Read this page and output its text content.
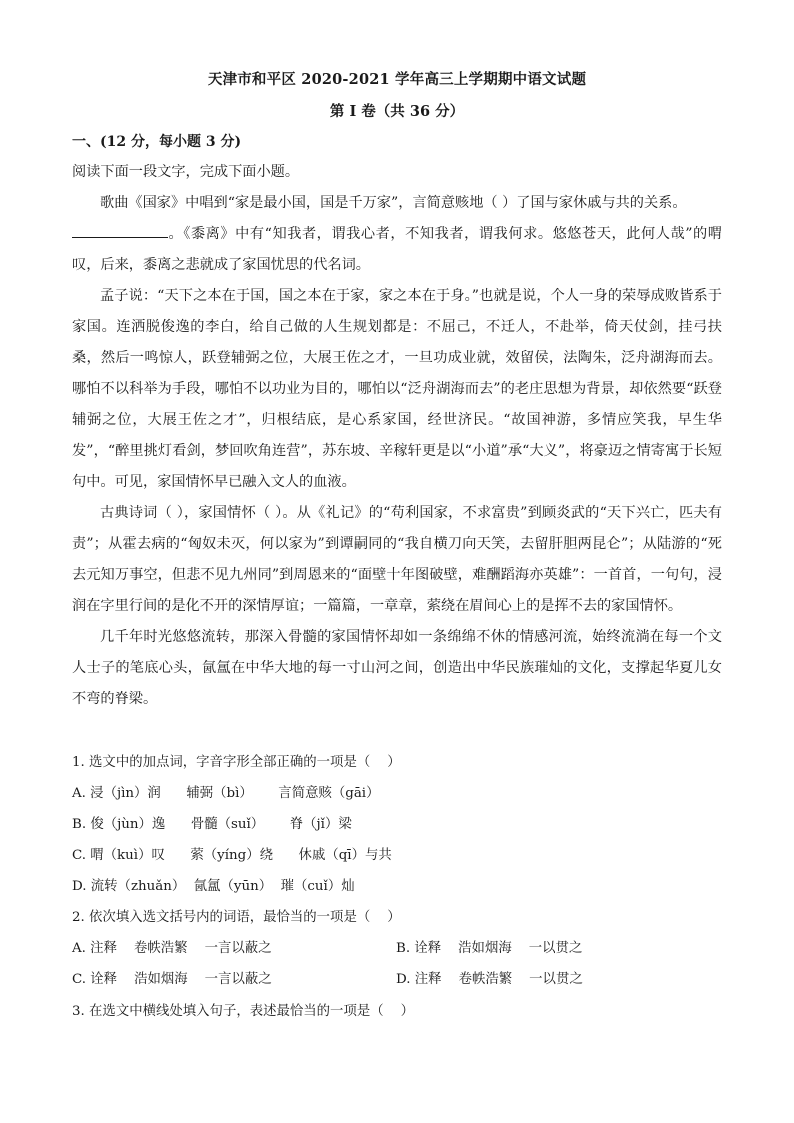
天津市和平区 2020-2021 学年高三上学期期中语文试题
第 I 卷（共 36 分）
一、(12 分，每小题 3 分)

阅读下面一段文字，完成下面小题。

歌曲《国家》中唱到“家是最小国，国是千万家”，言简意赅地（ ）了国与家休戚与共的关系。

。《黍离》中有“知我者，谓我心者，不知我者，谓我何求。悠悠苍天，此何人哉”的喟叹，后来，黍离之悲就成了家国忧思的代名词。

孟子说：“天下之本在于国，国之本在于家，家之本在于身。”也就是说，个人一身的荣辱成败皆系于家国。连洒脱俊逸的李白，给自己做的人生规划都是：不屈己，不迁人，不赴举，倚天仗剑，挂弓扶桑，然后一鸣惊人，跃登辅弼之位，大展王佐之才，一旦功成业就，效留侯，法陶朱，泛舟湖海而去。哪怕不以科举为手段，哪怕不以功业为目的，哪怕以“泛舟湖海而去”的老庄思想为背景，却依然要“跃登辅弼之位，大展王佐之才”，归根结底，是心系家国，经世济民。“故国神游，多情应笑我，早生华发”，“醉里挑灯看剑，梦回吹角连营”，苏东坡、辛稼轩更是以“小道”承“大义”，将豪迈之情寄寓于长短句中。可见，家国情怀早已融入文人的血液。

古典诗词（ ），家国情怀（ ）。从《礼记》的“苟利国家，不求富贵”到顾炎武的“天下兴亡，匹夫有责”；从霍去病的“匈奴未灭，何以家为”到谭嗣同的“我自横刀向天笑，去留肝胆两昆仑”；从陆游的“死去元知万事空，但悲不见九州同”到周恩来的“面壁十年图破壁，难酬蹈海亦英雄”：一首首，一句句，浸润在字里行间的是化不开的深情厚谊；一篇篇，一章章，萦绕在眉间心上的是挥不去的家国情怀。

几千年时光悠悠流转，那深入骨髓的家国情怀却如一条绵绵不休的情感河流，始终流淌在每一个文人士子的笔底心头，氤氲在中华大地的每一寸山河之间，创造出中华民族璀灿的文化，支撑起华夏儿女不弯的脊梁。

1. 选文中的加点词，字音字形全部正确的一项是（    ）
A. 浸（jìn）润      辅弼（bì）      言简意赅（gāi）
B. 俊（jùn）逸      骨髓（suǐ）      脊（jǐ）梁
C. 喟（kuì）叹      萦（yíng）绕      休戚（qī）与共
D. 流转（zhuǎn）  氤氲（yūn）  璀（cuǐ）灿
2. 依次填入选文括号内的词语，最恰当的一项是（    ）
A. 注释    卷帙浩繁    一言以蔽之	B. 诠释    浩如烟海    一以贯之
C. 诠释    浩如烟海    一言以蔽之	D. 注释    卷帙浩繁    一以贯之
3. 在选文中横线处填入句子，表述最恰当的一项是（    ）
